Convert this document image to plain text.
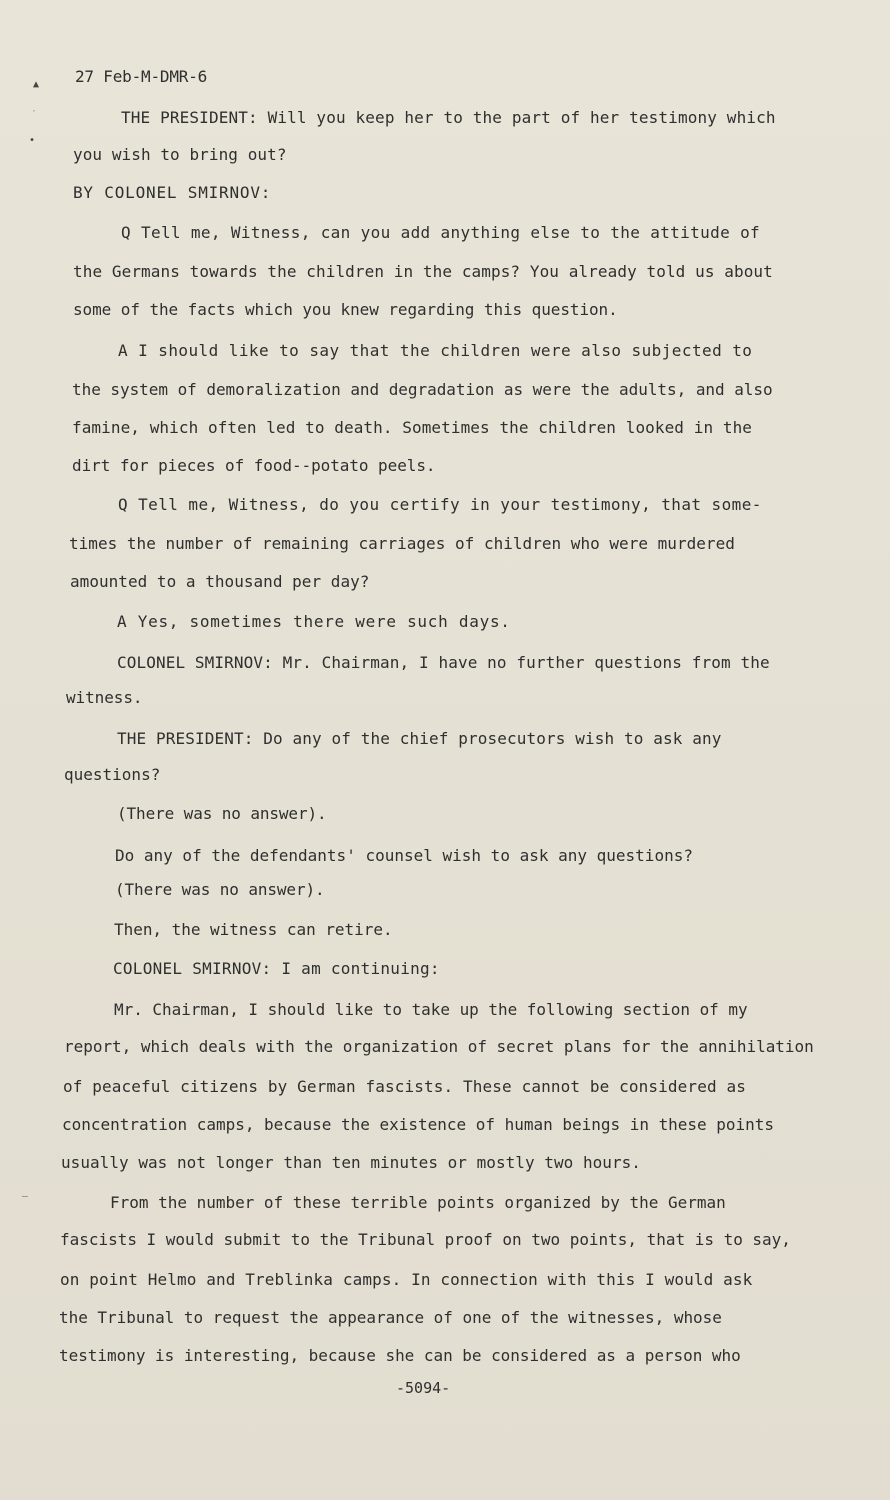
▲
′
•
—
27 Feb-M-DMR-6
THE PRESIDENT: Will you keep her to the part of her testimony which
you wish to bring out?
BY COLONEL SMIRNOV:
Q Tell me, Witness, can you add anything else to the attitude of
the Germans towards the children in the camps? You already told us about
some of the facts which you knew regarding this question.
A I should like to say that the children were also subjected to
the system of demoralization and degradation as were the adults, and also
famine, which often led to death. Sometimes the children looked in the
dirt for pieces of food--potato peels.
Q Tell me, Witness, do you certify in your testimony, that some-
times the number of remaining carriages of children who were murdered
amounted to a thousand per day?
A Yes, sometimes there were such days.
COLONEL SMIRNOV: Mr. Chairman, I have no further questions from the
witness.
THE PRESIDENT: Do any of the chief prosecutors wish to ask any
questions?
(There was no answer).
Do any of the defendants' counsel wish to ask any questions?
(There was no answer).
Then, the witness can retire.
COLONEL SMIRNOV: I am continuing:
Mr. Chairman, I should like to take up the following section of my
report, which deals with the organization of secret plans for the annihilation
of peaceful citizens by German fascists. These cannot be considered as
concentration camps, because the existence of human beings in these points
usually was not longer than ten minutes or mostly two hours.
From the number of these terrible points organized by the German
fascists I would submit to the Tribunal proof on two points, that is to say,
on point Helmo and Treblinka camps. In connection with this I would ask
the Tribunal to request the appearance of one of the witnesses, whose
testimony is interesting, because she can be considered as a person who
-5094-
